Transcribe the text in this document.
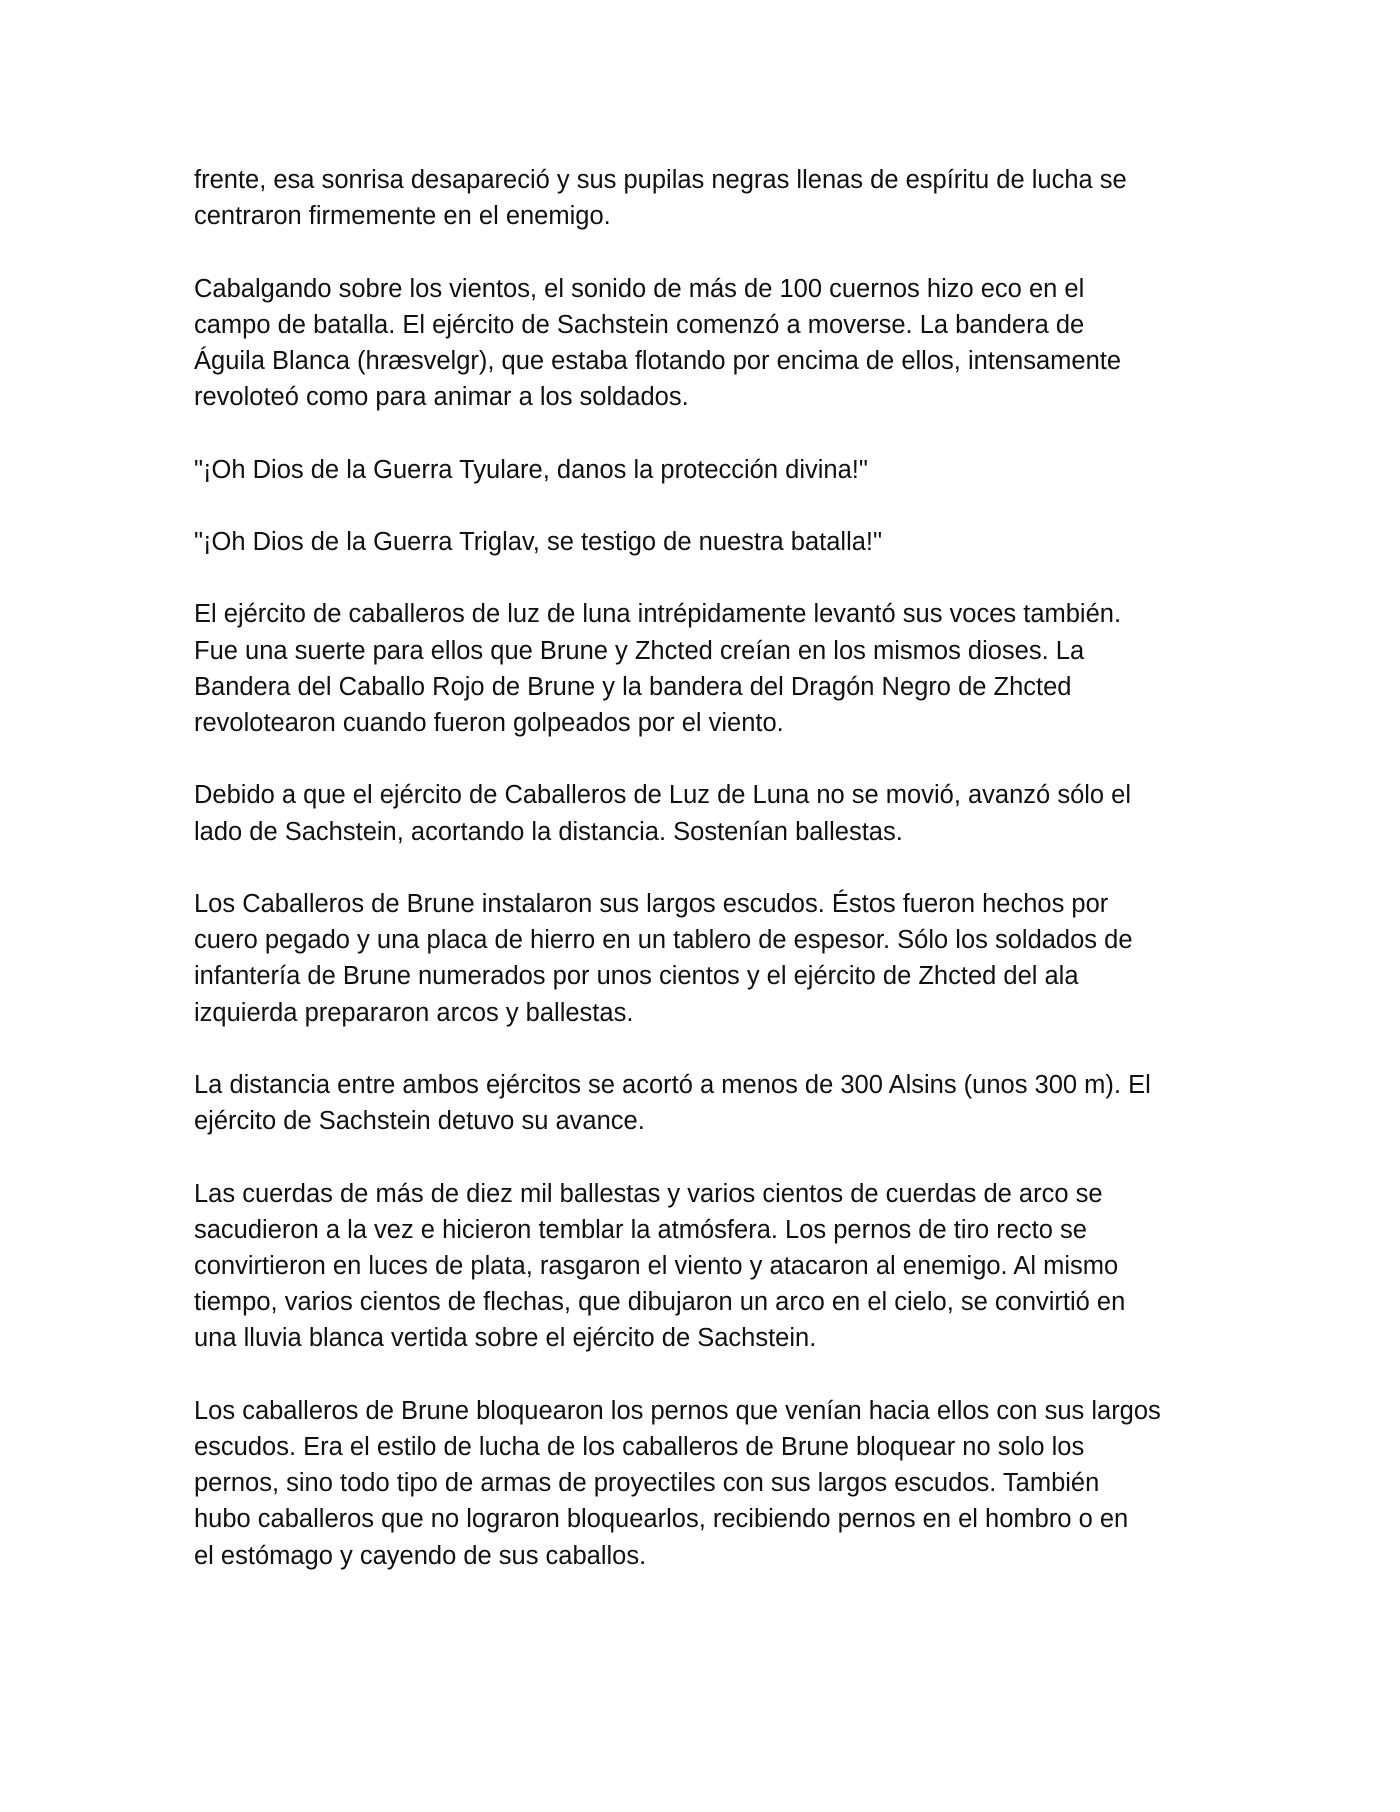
frente, esa sonrisa desapareció y sus pupilas negras llenas de espíritu de lucha se
centraron firmemente en el enemigo.

Cabalgando sobre los vientos, el sonido de más de 100 cuernos hizo eco en el
campo de batalla. El ejército de Sachstein comenzó a moverse. La bandera de
Águila Blanca (hræsvelgr), que estaba flotando por encima de ellos, intensamente
revoloteó como para animar a los soldados.

"¡Oh Dios de la Guerra Tyulare, danos la protección divina!"

"¡Oh Dios de la Guerra Triglav, se testigo de nuestra batalla!"

El ejército de caballeros de luz de luna intrépidamente levantó sus voces también.
Fue una suerte para ellos que Brune y Zhcted creían en los mismos dioses. La
Bandera del Caballo Rojo de Brune y la bandera del Dragón Negro de Zhcted
revolotearon cuando fueron golpeados por el viento.

Debido a que el ejército de Caballeros de Luz de Luna no se movió, avanzó sólo el
lado de Sachstein, acortando la distancia. Sostenían ballestas.

Los Caballeros de Brune instalaron sus largos escudos. Éstos fueron hechos por
cuero pegado y una placa de hierro en un tablero de espesor. Sólo los soldados de
infantería de Brune numerados por unos cientos y el ejército de Zhcted del ala
izquierda prepararon arcos y ballestas.

La distancia entre ambos ejércitos se acortó a menos de 300 Alsins (unos 300 m). El
ejército de Sachstein detuvo su avance.

Las cuerdas de más de diez mil ballestas y varios cientos de cuerdas de arco se
sacudieron a la vez e hicieron temblar la atmósfera. Los pernos de tiro recto se
convirtieron en luces de plata, rasgaron el viento y atacaron al enemigo. Al mismo
tiempo, varios cientos de flechas, que dibujaron un arco en el cielo, se convirtió en
una lluvia blanca vertida sobre el ejército de Sachstein.

Los caballeros de Brune bloquearon los pernos que venían hacia ellos con sus largos
escudos. Era el estilo de lucha de los caballeros de Brune bloquear no solo los
pernos, sino todo tipo de armas de proyectiles con sus largos escudos. También
hubo caballeros que no lograron bloquearlos, recibiendo pernos en el hombro o en
el estómago y cayendo de sus caballos.
